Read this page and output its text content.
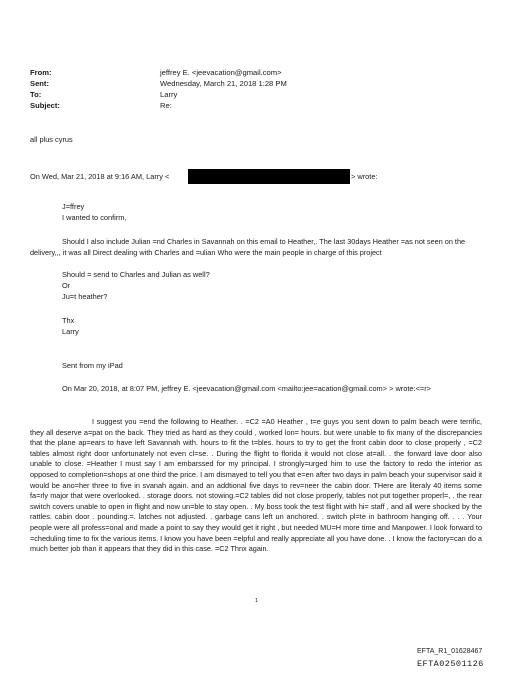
From:	jeffrey E. <jeevacation@gmail.com>
Sent:	Wednesday, March 21, 2018 1:28 PM
To:	Larry
Subject:	Re:
all plus cyrus
On Wed, Mar 21, 2018 at 9:16 AM, Larry <	> wrote:
J=ffrey
I wanted to confirm,
Should I also include Julian =nd Charles in Savannah on this email to Heather,. The last 30days Heather =as not seen on the delivery,,, it was all Direct dealing with Charles and =ulian Who were the main people in charge of this project
Should = send to Charles and Julian as well?
Or
Ju=t heather?
Thx
Larry
Sent from my iPad
On Mar 20, 2018, at 8:07 PM, jeffrey E. <jeevacation@gmail.com <mailto:jee=acation@gmail.com> > wrote:<=r>
I suggest you =end the following to Heather. . =C2 =A0 Heather , t=e guys you sent down to palm beach were terrific, they all deserve a=pat on the back. They tried as hard as they could , worked lon= hours. but were unable to fix many of the discrepancies that the plane ap=ears to have left Savannah with. hours to fit the t=bles. hours to try to get the front cabin door to close properly , =C2 tables almost right door unfortunately not even cl=se. . During the flight to florida it would not close at=all. . the forward lave door also unable to close. =Heather I must say I am embarssed for my principal. I strongly=urged him to use the factory to redo the interior as opposed to completion=shops at one third the price. I am dismayed to tell you that e=en after two days in palm beach your supervisor said it would be ano=her three to five in svanah again. and an addtional five days to rev=neer the cabin door. THere are literaly 40 items some fa=rly major that were overlooked. . storage doors. not stowing.=C2 tables did not close properly, tables not put together properl=, . the rear switch covers unable to open in flight and now un=ble to stay open. . My boss took the test flight with hi= staff , and all were shocked by the rattles. cabin door . pounding.=. latches not adjusted. . garbage cans left un anchored. . switch pl=te in bathroom hanging off. . . . Your people were all profess=onal and made a point to say they would get it right , but needed MU=H more time and Manpower. I look forward to =cheduling time to fix the various items. I know you have been =elpful and really appreciate all you have done. . I know the factory=can do a much better job than it appears that they did in this case. =C2 Thnx again.
1
EFTA_R1_01628467
EFTA02501126
